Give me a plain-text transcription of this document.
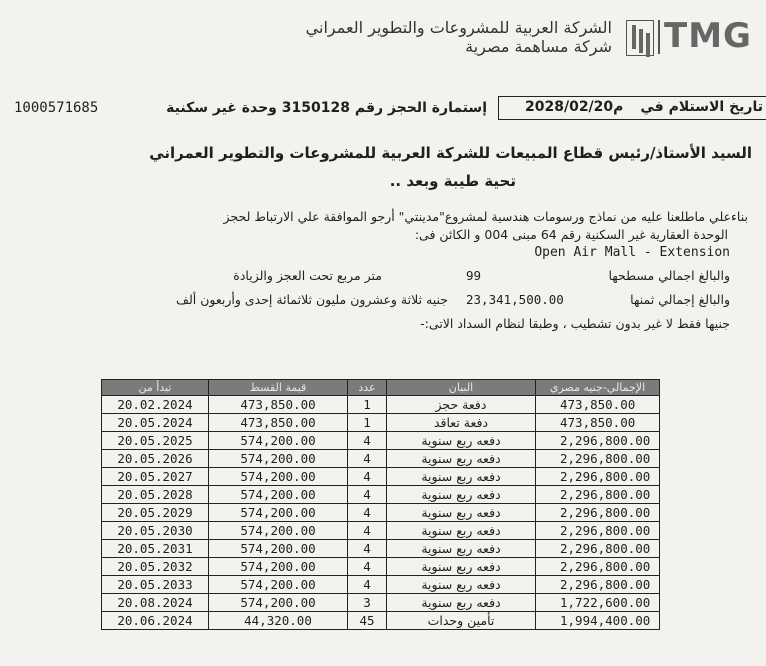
TMG
الشركة العربية للمشروعات والتطوير العمراني
شركة مساهمة مصرية
1000571685	إستمارة الحجز رقم 3150128 وحدة غير سكنية	تاريخ الاستلام في
2028/02/20م
السيد الأستاذ/رئيس قطاع المبيعات للشركة العربية للمشروعات والتطوير العمراني
تحية طيبة وبعد ..
بناءعلي ماطلعنا عليه من نماذج ورسومات هندسية لمشروع"مدينتي" أرجو الموافقة علي الارتباط لحجز
الوحدة العقارية غير السكنية رقم 64 مبنى 004 و الكائن فى:
Open Air Mall - Extension
والبالغ اجمالي مسطحها
99
متر مربع تحت العجز والزيادة
والبالغ إجمالي ثمنها
23,341,500.00
جنيه ثلاثة وعشرون مليون ثلاثمائة إحدى وأربعون ألف
جنيها فقط لا غير بدون تشطيب ، وطبقا لنظام السداد الاتى:-
تبدأ من	قيمة القسط	عدد	البيان	الإجمالي-جنيه مصري
20.02.2024	473,850.00	1	دفعة حجز	473,850.00
20.05.2024	473,850.00	1	دفعة تعاقد	473,850.00
20.05.2025	574,200.00	4	دفعه ربع سنوية	2,296,800.00
20.05.2026	574,200.00	4	دفعه ربع سنوية	2,296,800.00
20.05.2027	574,200.00	4	دفعه ربع سنوية	2,296,800.00
20.05.2028	574,200.00	4	دفعه ربع سنوية	2,296,800.00
20.05.2029	574,200.00	4	دفعه ربع سنوية	2,296,800.00
20.05.2030	574,200.00	4	دفعه ربع سنوية	2,296,800.00
20.05.2031	574,200.00	4	دفعه ربع سنوية	2,296,800.00
20.05.2032	574,200.00	4	دفعه ربع سنوية	2,296,800.00
20.05.2033	574,200.00	4	دفعه ربع سنوية	2,296,800.00
20.08.2024	574,200.00	3	دفعه ربع سنوية	1,722,600.00
20.06.2024	44,320.00	45	تأمين وحدات	1,994,400.00
